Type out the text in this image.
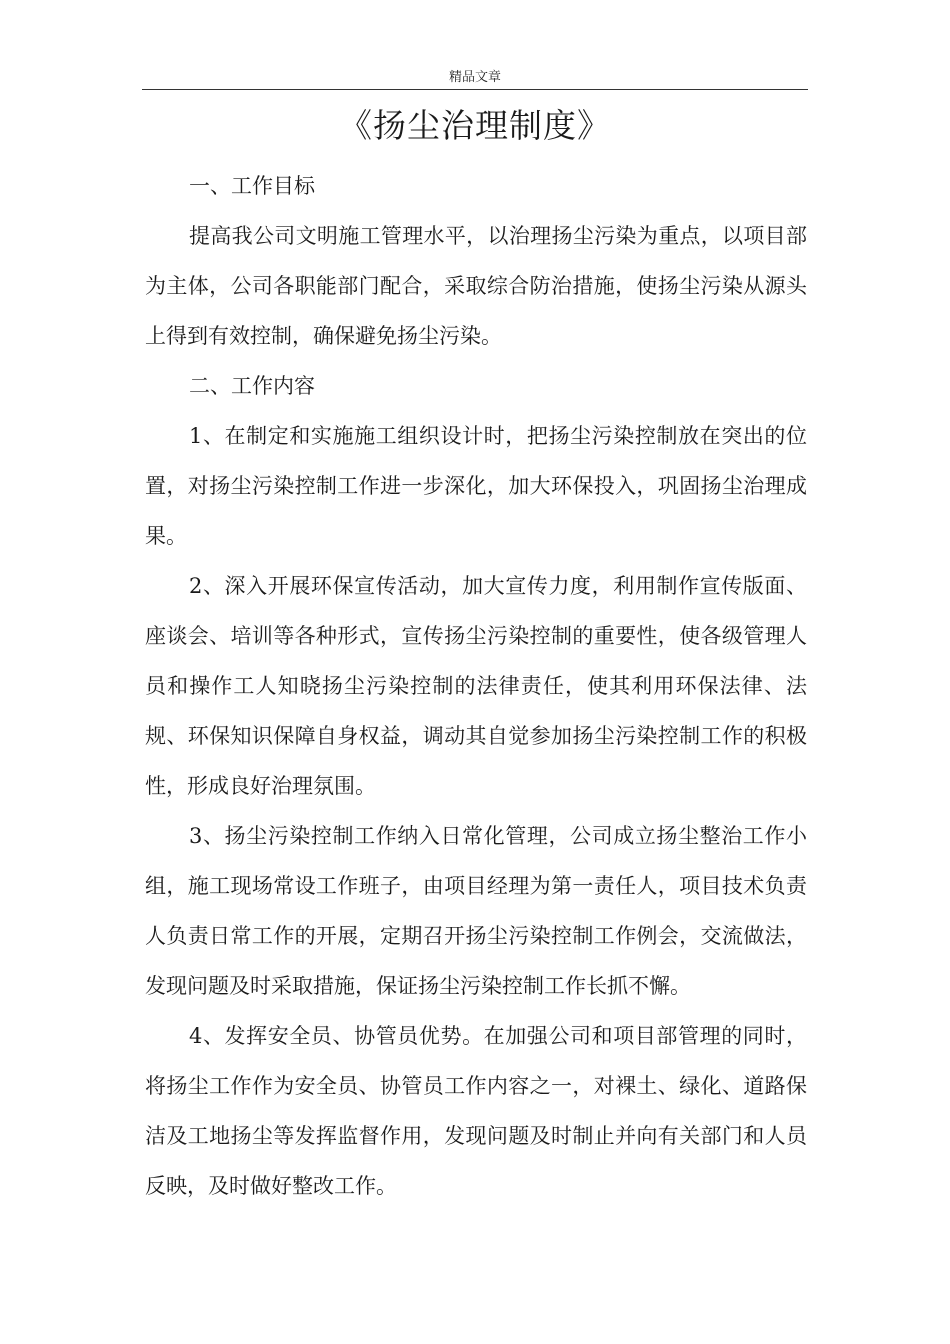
精品文章
《扬尘治理制度》

一、工作目标

提高我公司文明施工管理水平，以治理扬尘污染为重点，以项目部为主体，公司各职能部门配合，采取综合防治措施，使扬尘污染从源头上得到有效控制，确保避免扬尘污染。

二、工作内容

1、在制定和实施施工组织设计时，把扬尘污染控制放在突出的位置，对扬尘污染控制工作进一步深化，加大环保投入，巩固扬尘治理成果。

2、深入开展环保宣传活动，加大宣传力度，利用制作宣传版面、座谈会、培训等各种形式，宣传扬尘污染控制的重要性，使各级管理人员和操作工人知晓扬尘污染控制的法律责任，使其利用环保法律、法规、环保知识保障自身权益，调动其自觉参加扬尘污染控制工作的积极性，形成良好治理氛围。

3、扬尘污染控制工作纳入日常化管理，公司成立扬尘整治工作小组，施工现场常设工作班子，由项目经理为第一责任人，项目技术负责人负责日常工作的开展，定期召开扬尘污染控制工作例会，交流做法，发现问题及时采取措施，保证扬尘污染控制工作长抓不懈。

4、发挥安全员、协管员优势。在加强公司和项目部管理的同时，将扬尘工作作为安全员、协管员工作内容之一，对裸土、绿化、道路保洁及工地扬尘等发挥监督作用，发现问题及时制止并向有关部门和人员反映，及时做好整改工作。
